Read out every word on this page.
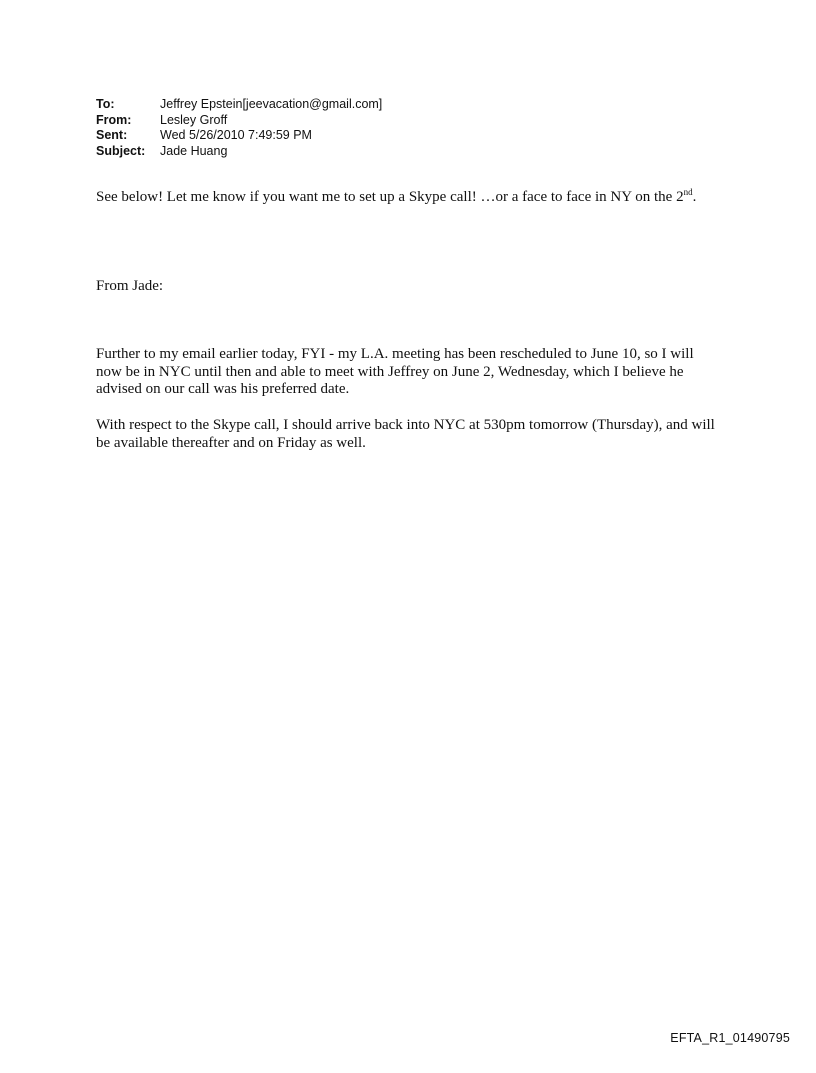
To:	Jeffrey Epstein[jeevacation@gmail.com]
From:	Lesley Groff
Sent:	Wed 5/26/2010 7:49:59 PM
Subject:	Jade Huang

See below! Let me know if you want me to set up a Skype call! …or a face to face in NY on the 2nd.

From Jade:

Further to my email earlier today, FYI - my L.A. meeting has been rescheduled to June 10, so I will now be in NYC until then and able to meet with Jeffrey on June 2, Wednesday, which I believe he advised on our call was his preferred date.

With respect to the Skype call, I should arrive back into NYC at 530pm tomorrow (Thursday), and will be available thereafter and on Friday as well.

EFTA_R1_01490795
